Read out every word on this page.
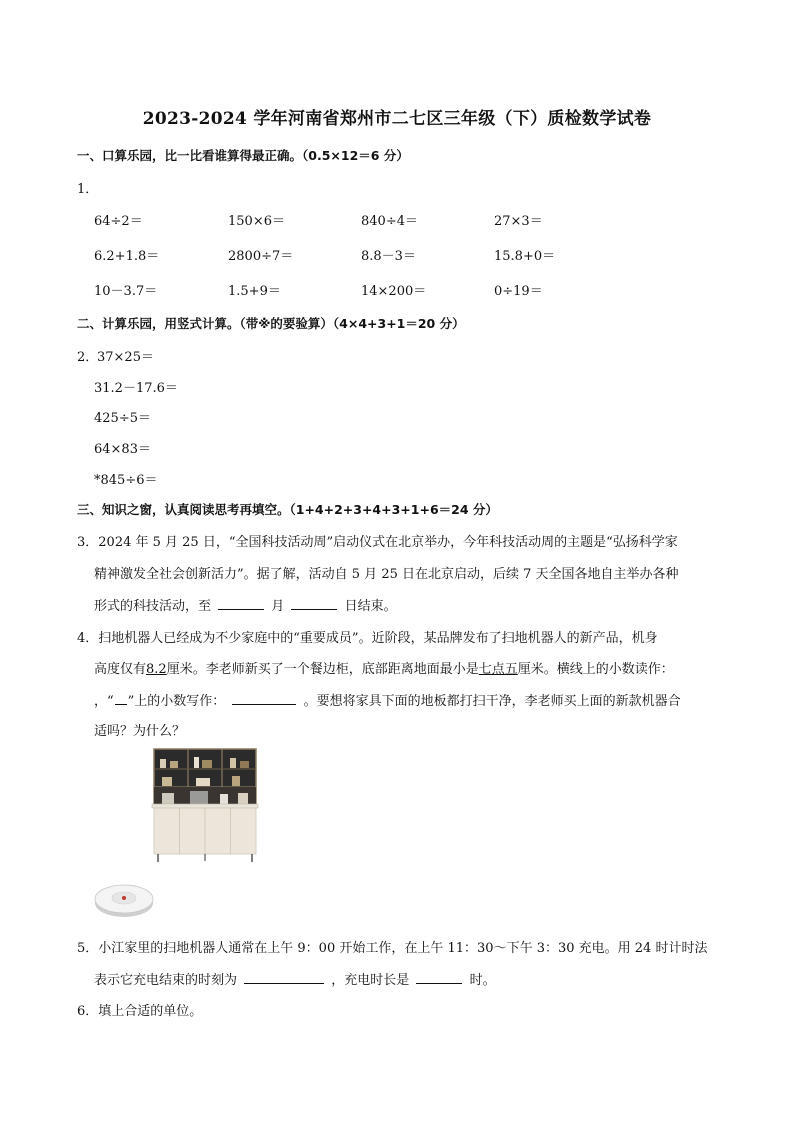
2023-2024 学年河南省郑州市二七区三年级（下）质检数学试卷
一、口算乐园，比一比看谁算得最正确。（0.5×12＝6 分）
1．
64÷2＝	150×6＝	840÷4＝	27×3＝
6.2+1.8＝	2800÷7＝	8.8－3＝	15.8+0＝
10－3.7＝	1.5+9＝	14×200＝	0÷19＝
二、计算乐园，用竖式计算。（带※的要验算）（4×4+3+1＝20 分）
2．
37×25＝
31.2－17.6＝
425÷5＝
64×83＝
*845÷6＝
三、知识之窗，认真阅读思考再填空。（1+4+2+3+4+3+1+6＝24 分）
3．2024 年 5 月 25 日，“全国科技活动周”启动仪式在北京举办，今年科技活动周的主题是“弘扬科学家
精神激发全社会创新活力”。据了解，活动自 5 月 25 日在北京启动，后续 7 天全国各地自主举办各种
形式的科技活动，至	月	日结束。
4．扫地机器人已经成为不少家庭中的“重要成员”。近阶段，某品牌发布了扫地机器人的新产品，机身
高度仅有8.2厘米。李老师新买了一个餐边柜，底部距离地面最小是七点五厘米。横线上的小数读作：
，“ ”上的小数写作：	。要想将家具下面的地板都打扫干净，李老师买上面的新款机器合
适吗？为什么？
5．小江家里的扫地机器人通常在上午 9：00 开始工作，在上午 11：30～下午 3：30 充电。用 24 时计时法
表示它充电结束的时刻为	，充电时长是	时。
6．填上合适的单位。
